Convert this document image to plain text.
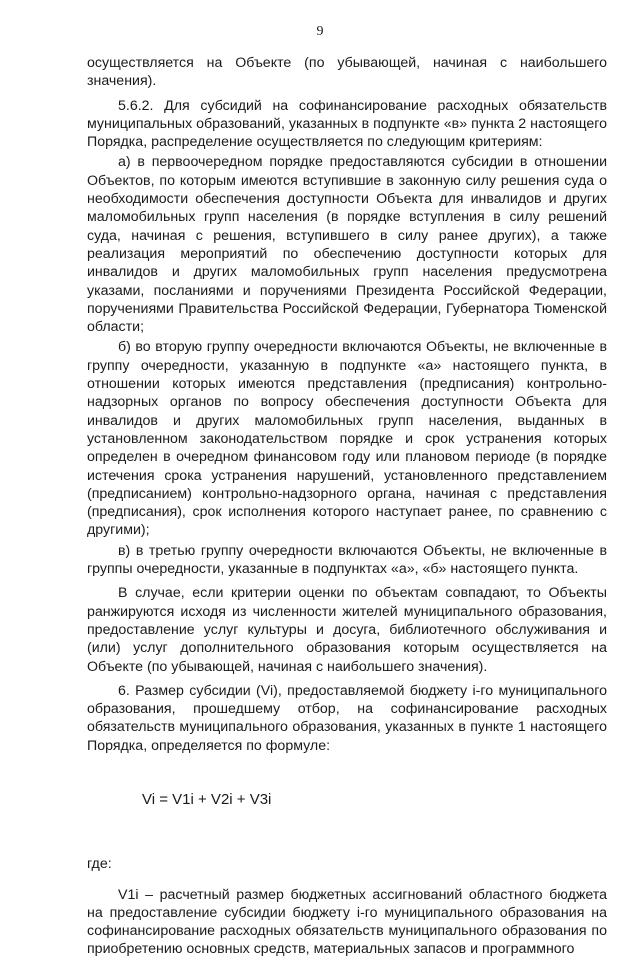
9

осуществляется на Объекте (по убывающей, начиная с наибольшего значения).

5.6.2. Для субсидий на софинансирование расходных обязательств муниципальных образований, указанных в подпункте «в» пункта 2 настоящего Порядка, распределение осуществляется по следующим критериям:

а) в первоочередном порядке предоставляются субсидии в отношении Объектов, по которым имеются вступившие в законную силу решения суда о необходимости обеспечения доступности Объекта для инвалидов и других маломобильных групп населения (в порядке вступления в силу решений суда, начиная с решения, вступившего в силу ранее других), а также реализация мероприятий по обеспечению доступности которых для инвалидов и других маломобильных групп населения предусмотрена указами, посланиями и поручениями Президента Российской Федерации, поручениями Правительства Российской Федерации, Губернатора Тюменской области;

б) во вторую группу очередности включаются Объекты, не включенные в группу очередности, указанную в подпункте «а» настоящего пункта, в отношении которых имеются представления (предписания) контрольно-надзорных органов по вопросу обеспечения доступности Объекта для инвалидов и других маломобильных групп населения, выданных в установленном законодательством порядке и срок устранения которых определен в очередном финансовом году или плановом периоде (в порядке истечения срока устранения нарушений, установленного представлением (предписанием) контрольно-надзорного органа, начиная с представления (предписания), срок исполнения которого наступает ранее, по сравнению с другими);

в) в третью группу очередности включаются Объекты, не включенные в группы очередности, указанные в подпунктах «а», «б» настоящего пункта.

В случае, если критерии оценки по объектам совпадают, то Объекты ранжируются исходя из численности жителей муниципального образования, предоставление услуг культуры и досуга, библиотечного обслуживания и (или) услуг дополнительного образования которым осуществляется на Объекте (по убывающей, начиная с наибольшего значения).

6. Размер субсидии (Vi), предоставляемой бюджету i-го муниципального образования, прошедшему отбор, на софинансирование расходных обязательств муниципального образования, указанных в пункте 1 настоящего Порядка, определяется по формуле:

Vi = V1i + V2i + V3i

где:

V1i – расчетный размер бюджетных ассигнований областного бюджета на предоставление субсидии бюджету i-го муниципального образования на софинансирование расходных обязательств муниципального образования по приобретению основных средств, материальных запасов и программного
